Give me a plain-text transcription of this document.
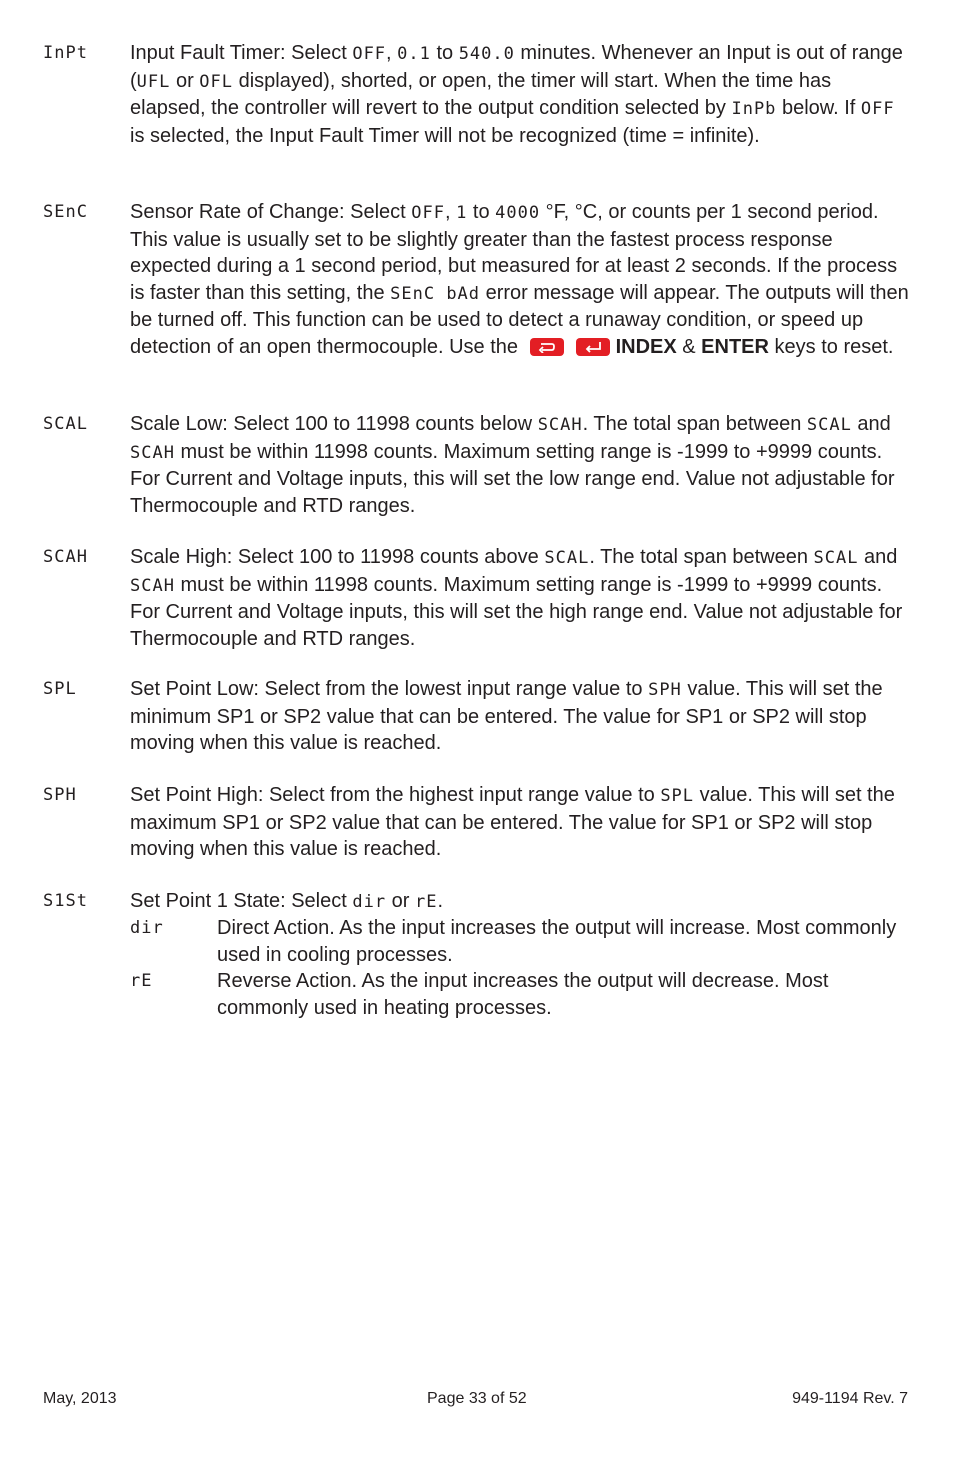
InPt Input Fault Timer: Select OFF, 0.1 to 540.0 minutes. Whenever an Input is out of range (UFL or OFL displayed), shorted, or open, the timer will start. When the time has elapsed, the controller will revert to the output condition selected by InPb below. If OFF is selected, the Input Fault Timer will not be recognized (time = infinite).
SEnC Sensor Rate of Change: Select OFF, 1 to 4000 °F, °C, or counts per 1 second period. This value is usually set to be slightly greater than the fastest process response expected during a 1 second period, but measured for at least 2 seconds. If the process is faster than this setting, the SEnC bAd error message will appear. The outputs will then be turned off. This function can be used to detect a runaway condition, or speed up detection of an open thermocouple. Use the	INDEX & ENTER keys to reset.
SCAL Scale Low: Select 100 to 11998 counts below SCAH. The total span between SCAL and SCAH must be within 11998 counts. Maximum setting range is -1999 to +9999 counts. For Current and Voltage inputs, this will set the low range end. Value not adjustable for Thermocouple and RTD ranges.
SCAH Scale High: Select 100 to 11998 counts above SCAL. The total span between SCAL and SCAH must be within 11998 counts. Maximum setting range is -1999 to +9999 counts. For Current and Voltage inputs, this will set the high range end. Value not adjustable for Thermocouple and RTD ranges.
SPL	Set Point Low: Select from the lowest input range value to SPH value. This will set the minimum SP1 or SP2 value that can be entered. The value for SP1 or SP2 will stop moving when this value is reached.
SPH	Set Point High: Select from the highest input range value to SPL value. This will set the maximum SP1 or SP2 value that can be entered. The value for SP1 or SP2 will stop moving when this value is reached.
S1St Set Point 1 State: Select dir or rE.
dir	Direct Action. As the input increases the output will increase. Most commonly used in cooling processes.
rE	Reverse Action. As the input increases the output will decrease. Most commonly used in heating processes.
May, 2013	Page 33 of 52	949-1194 Rev. 7
